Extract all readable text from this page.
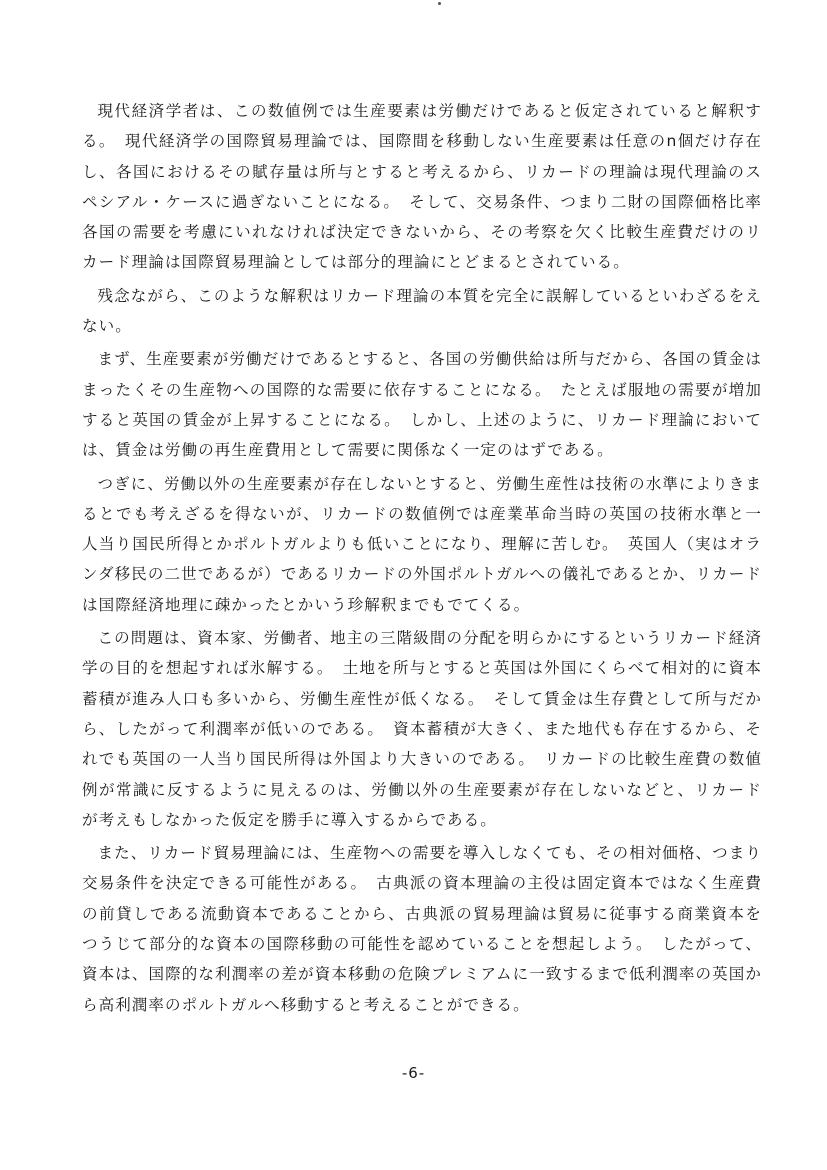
現代経済学者は、この数値例では生産要素は労働だけであると仮定されていると解釈する。　現代経済学の国際貿易理論では、国際間を移動しない生産要素は任意のn個だけ存在し、各国におけるその賦存量は所与とすると考えるから、リカードの理論は現代理論のスペシアル・ケースに過ぎないことになる。　そして、交易条件、つまり二財の国際価格比率各国の需要を考慮にいれなければ決定できないから、その考察を欠く比較生産費だけのリカード理論は国際貿易理論としては部分的理論にとどまるとされている。

残念ながら、このような解釈はリカード理論の本質を完全に誤解しているといわざるをえない。

まず、生産要素が労働だけであるとすると、各国の労働供給は所与だから、各国の賃金はまったくその生産物への国際的な需要に依存することになる。　たとえば服地の需要が増加すると英国の賃金が上昇することになる。　しかし、上述のように、リカード理論においては、賃金は労働の再生産費用として需要に関係なく一定のはずである。

つぎに、労働以外の生産要素が存在しないとすると、労働生産性は技術の水準によりきまるとでも考えざるを得ないが、リカードの数値例では産業革命当時の英国の技術水準と一人当り国民所得とかポルトガルよりも低いことになり、理解に苦しむ。　英国人（実はオランダ移民の二世であるが）であるリカードの外国ポルトガルへの儀礼であるとか、リカードは国際経済地理に疎かったとかいう珍解釈までもでてくる。

この問題は、資本家、労働者、地主の三階級間の分配を明らかにするというリカード経済学の目的を想起すれば氷解する。　土地を所与とすると英国は外国にくらべて相対的に資本蓄積が進み人口も多いから、労働生産性が低くなる。　そして賃金は生存費として所与だから、したがって利潤率が低いのである。　資本蓄積が大きく、また地代も存在するから、それでも英国の一人当り国民所得は外国より大きいのである。　リカードの比較生産費の数値例が常識に反するように見えるのは、労働以外の生産要素が存在しないなどと、リカードが考えもしなかった仮定を勝手に導入するからである。

また、リカード貿易理論には、生産物への需要を導入しなくても、その相対価格、つまり交易条件を決定できる可能性がある。　古典派の資本理論の主役は固定資本ではなく生産費の前貸しである流動資本であることから、古典派の貿易理論は貿易に従事する商業資本をつうじて部分的な資本の国際移動の可能性を認めていることを想起しよう。　したがって、資本は、国際的な利潤率の差が資本移動の危険プレミアムに一致するまで低利潤率の英国から高利潤率のポルトガルへ移動すると考えることができる。

-6-
